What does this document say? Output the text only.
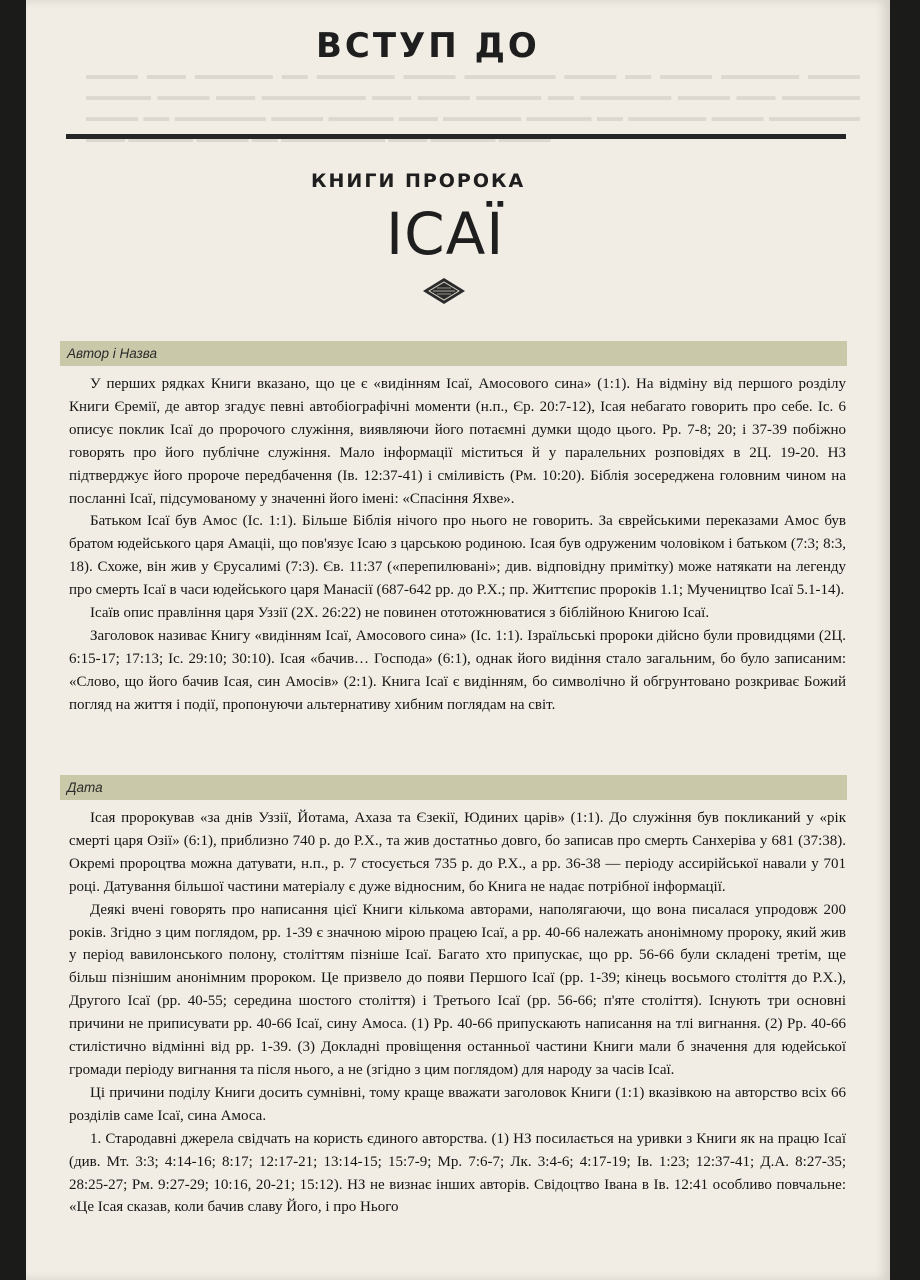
▬▬▬▬ ▬▬▬ ▬▬▬▬▬▬ ▬▬ ▬▬▬▬▬▬ ▬▬▬▬ ▬▬▬▬▬▬▬ ▬▬▬▬ ▬▬ ▬▬▬▬ ▬▬▬▬▬▬ ▬▬▬▬ ▬▬▬▬▬ ▬▬▬▬ ▬▬▬ ▬▬▬▬▬▬▬▬ ▬▬▬ ▬▬▬▬ ▬▬▬▬▬ ▬▬ ▬▬▬▬▬▬▬ ▬▬▬▬ ▬▬▬ ▬▬▬▬▬▬ ▬▬▬▬ ▬▬ ▬▬▬▬▬▬▬ ▬▬▬▬ ▬▬▬▬▬ ▬▬▬ ▬▬▬▬▬▬ ▬▬▬▬▬ ▬▬ ▬▬▬▬▬▬ ▬▬▬▬ ▬▬▬▬▬▬▬
ВСТУП ДО
КНИГИ ПРОРОКА
ІСАЇ
Автор і Назва

У перших рядках Книги вказано, що це є «видінням Ісаї, Амосового сина» (1:1). На відміну від першого розділу Книги Єремії, де автор згадує певні автобіографічні моменти (н.п., Єр. 20:7-12), Ісая небагато говорить про себе. Іс. 6 описує поклик Ісаї до пророчого служіння, виявляючи його потаємні думки щодо цього. Рр. 7-8; 20; і 37-39 побіжно говорять про його публічне служіння. Мало інформації міститься й у паралельних розповідях в 2Ц. 19-20. НЗ підтверджує його пророче передбачення (Ів. 12:37-41) і сміливість (Рм. 10:20). Біблія зосереджена головним чином на посланні Ісаї, підсумованому у значенні його імені: «Спасіння Яхве».

Батьком Ісаї був Амос (Іс. 1:1). Більше Біблія нічого про нього не говорить. За єврейськими переказами Амос був братом юдейського царя Амаціі, що пов'язує Ісаю з царською родиною. Ісая був одруженим чоловіком і батьком (7:3; 8:3, 18). Схоже, він жив у Єрусалимі (7:3). Єв. 11:37 («перепилювані»; див. відповідну примітку) може натякати на легенду про смерть Ісаї в часи юдейського царя Манасії (687-642 рр. до Р.Х.; пр. Життєпис пророків 1.1; Мучеництво Ісаї 5.1-14).

Ісаїв опис правління царя Уззії (2Х. 26:22) не повинен ототожнюватися з біблійною Книгою Ісаї.

Заголовок називає Книгу «видінням Ісаї, Амосового сина» (Іс. 1:1). Ізраїльські пророки дійсно були провидцями (2Ц. 6:15-17; 17:13; Іс. 29:10; 30:10). Ісая «бачив… Господа» (6:1), однак його видіння стало загальним, бо було записаним: «Слово, що його бачив Ісая, син Амосів» (2:1). Книга Ісаї є видінням, бо символічно й обгрунтовано розкриває Божий погляд на життя і події, пропонуючи альтернативу хибним поглядам на світ.

Дата

Ісая пророкував «за днів Уззії, Йотама, Ахаза та Єзекії, Юдиних царів» (1:1). До служіння був покликаний у «рік смерті царя Озії» (6:1), приблизно 740 р. до Р.Х., та жив достатньо довго, бо записав про смерть Санхеріва у 681 (37:38). Окремі пророцтва можна датувати, н.п., р. 7 стосується 735 р. до Р.Х., а рр. 36-38 — періоду ассирійської навали у 701 році. Датування більшої частини матеріалу є дуже відносним, бо Книга не надає потрібної інформації.

Деякі вчені говорять про написання цієї Книги кількома авторами, наполягаючи, що вона писалася упродовж 200 років. Згідно з цим поглядом, рр. 1-39 є значною мірою працею Ісаї, а рр. 40-66 належать анонімному пророку, який жив у період вавилонського полону, століттям пізніше Ісаї. Багато хто припускає, що рр. 56-66 були складені третім, ще більш пізнішим анонімним пророком. Це призвело до появи Першого Ісаї (рр. 1-39; кінець восьмого століття до Р.Х.), Другого Ісаї (рр. 40-55; середина шостого століття) і Третього Ісаї (рр. 56-66; п'яте століття). Існують три основні причини не приписувати рр. 40-66 Ісаї, сину Амоса. (1) Рр. 40-66 припускають написання на тлі вигнання. (2) Рр. 40-66 стилістично відмінні від рр. 1-39. (3) Докладні провіщення останньої частини Книги мали б значення для юдейської громади періоду вигнання та після нього, а не (згідно з цим поглядом) для народу за часів Ісаї.

Ці причини поділу Книги досить сумнівні, тому краще вважати заголовок Книги (1:1) вказівкою на авторство всіх 66 розділів саме Ісаї, сина Амоса.

1. Стародавні джерела свідчать на користь єдиного авторства. (1) НЗ посилається на уривки з Книги як на працю Ісаї (див. Мт. 3:3; 4:14-16; 8:17; 12:17-21; 13:14-15; 15:7-9; Мр. 7:6-7; Лк. 3:4-6; 4:17-19; Ів. 1:23; 12:37-41; Д.А. 8:27-35; 28:25-27; Рм. 9:27-29; 10:16, 20-21; 15:12). НЗ не визнає інших авторів. Свідоцтво Івана в Ів. 12:41 особливо повчальне: «Це Ісая сказав, коли бачив славу Його, і про Нього
